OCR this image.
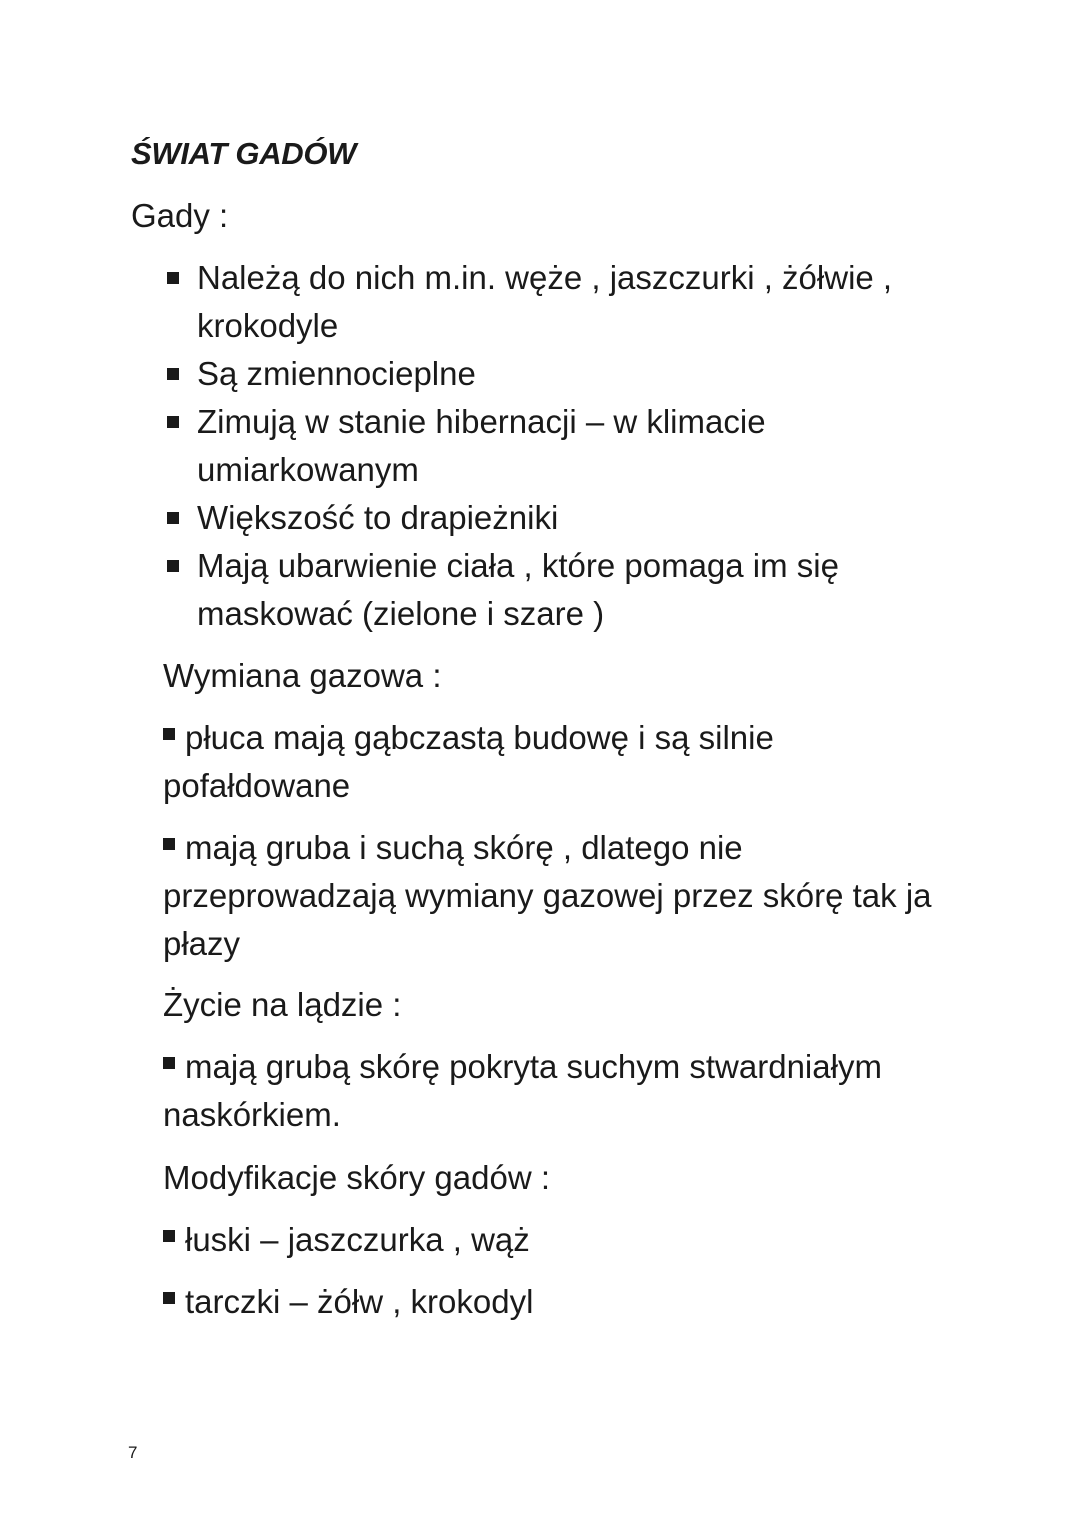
ŚWIAT GADÓW

Gady :

Należą do nich m.in. węże , jaszczurki , żółwie , krokodyle
Są zmiennocieplne
Zimują w stanie hibernacji – w klimacie umiarkowanym
Większość to drapieżniki
Mają ubarwienie ciała , które pomaga im się maskować (zielone i szare )

Wymiana gazowa :

płuca mają gąbczastą budowę i są silnie pofałdowane

mają gruba i suchą skórę , dlatego nie przeprowadzają wymiany gazowej przez skórę tak ja płazy

Życie na lądzie :

mają grubą skórę pokryta suchym stwardniałym naskórkiem.

Modyfikacje skóry gadów :

łuski – jaszczurka , wąż

tarczki – żółw , krokodyl

7
